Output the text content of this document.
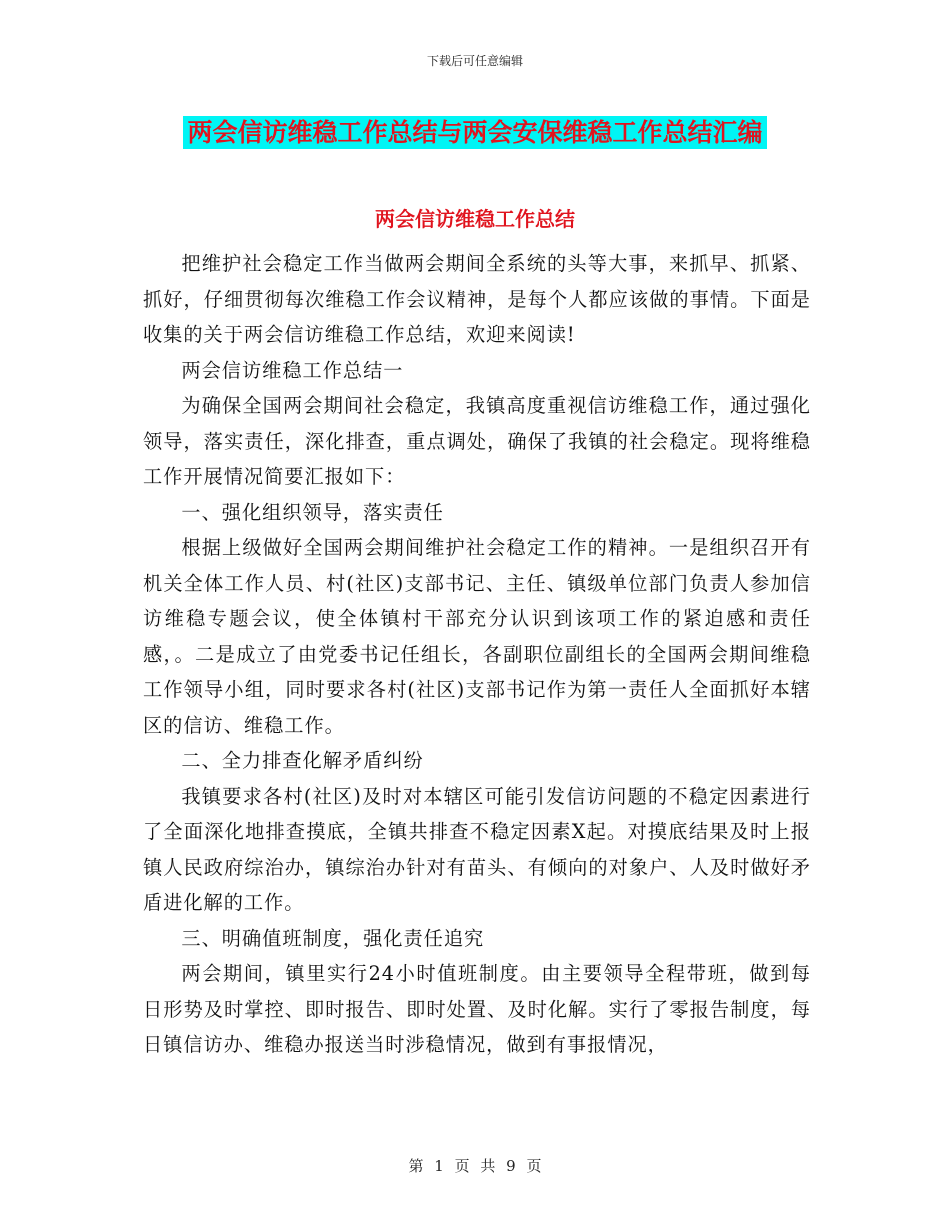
下载后可任意编辑
两会信访维稳工作总结与两会安保维稳工作总结汇编
两会信访维稳工作总结

把维护社会稳定工作当做两会期间全系统的头等大事，来抓早、抓紧、抓好，仔细贯彻每次维稳工作会议精神，是每个人都应该做的事情。下面是收集的关于两会信访维稳工作总结，欢迎来阅读!

两会信访维稳工作总结一

为确保全国两会期间社会稳定，我镇高度重视信访维稳工作，通过强化领导，落实责任，深化排查，重点调处，确保了我镇的社会稳定。现将维稳工作开展情况简要汇报如下：

一、强化组织领导，落实责任

根据上级做好全国两会期间维护社会稳定工作的精神。一是组织召开有机关全体工作人员、村(社区)支部书记、主任、镇级单位部门负责人参加信访维稳专题会议，使全体镇村干部充分认识到该项工作的紧迫感和责任感，。二是成立了由党委书记任组长，各副职位副组长的全国两会期间维稳工作领导小组，同时要求各村(社区)支部书记作为第一责任人全面抓好本辖区的信访、维稳工作。

二、全力排查化解矛盾纠纷

我镇要求各村(社区)及时对本辖区可能引发信访问题的不稳定因素进行了全面深化地排查摸底，全镇共排查不稳定因素X起。对摸底结果及时上报镇人民政府综治办，镇综治办针对有苗头、有倾向的对象户、人及时做好矛盾进化解的工作。

三、明确值班制度，强化责任追究

两会期间，镇里实行24小时值班制度。由主要领导全程带班，做到每日形势及时掌控、即时报告、即时处置、及时化解。实行了零报告制度，每日镇信访办、维稳办报送当时涉稳情况，做到有事报情况，

第 1 页 共 9 页
